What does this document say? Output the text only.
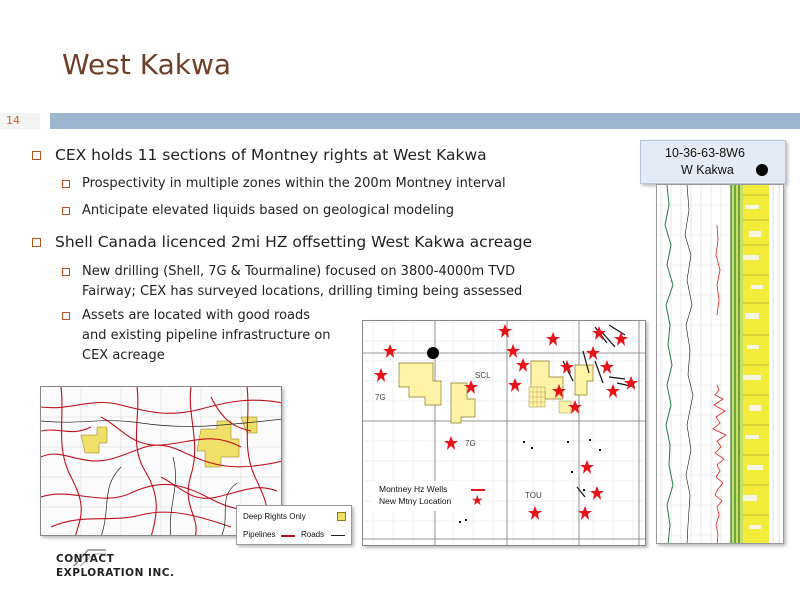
West Kakwa
14
CEX holds 11 sections of Montney rights at West Kakwa
Prospectivity in multiple zones within the 200m Montney interval
Anticipate elevated liquids based on geological modeling
Shell Canada licenced 2mi HZ offsetting West Kakwa acreage
New drilling (Shell, 7G & Tourmaline) focused on 3800-4000m TVD
Fairway; CEX has surveyed locations, drilling timing being assessed
Assets are located with good roads
and existing pipeline infrastructure on
CEX acreage
10-36-63-8W6
W Kakwa
SCL
7G
7G
TOU
Montney Hz Wells
New Mtny Location ★
Deep Rights Only
Pipelines	Roads
CONTACT
EXPLORATION INC.
